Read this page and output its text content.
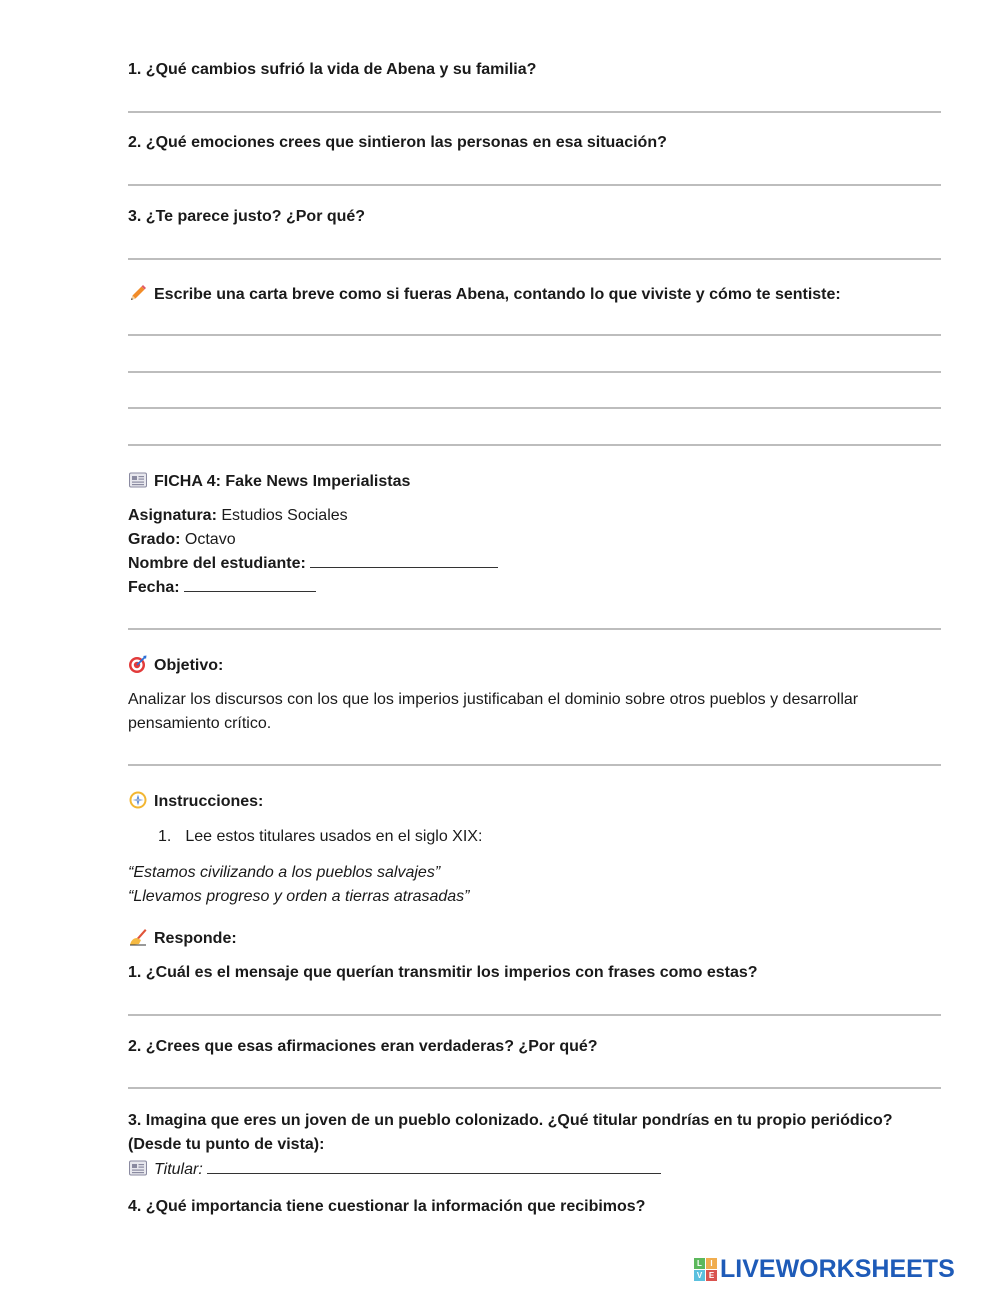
1. ¿Qué cambios sufrió la vida de Abena y su familia?
2. ¿Qué emociones crees que sintieron las personas en esa situación?
3. ¿Te parece justo? ¿Por qué?
Escribe una carta breve como si fueras Abena, contando lo que viviste y cómo te sentiste:
FICHA 4: Fake News Imperialistas
Asignatura: Estudios Sociales
Grado: Octavo
Nombre del estudiante:
Fecha:
Objetivo:
Analizar los discursos con los que los imperios justificaban el dominio sobre otros pueblos y desarrollar
pensamiento crítico.
Instrucciones:
1. Lee estos titulares usados en el siglo XIX:
“Estamos civilizando a los pueblos salvajes”
“Llevamos progreso y orden a tierras atrasadas”
Responde:
1. ¿Cuál es el mensaje que querían transmitir los imperios con frases como estas?
2. ¿Crees que esas afirmaciones eran verdaderas? ¿Por qué?
3. Imagina que eres un joven de un pueblo colonizado. ¿Qué titular pondrías en tu propio periódico?
(Desde tu punto de vista):
Titular:
4. ¿Qué importancia tiene cuestionar la información que recibimos?
L	I
V E LIVEWORKSHEETS
